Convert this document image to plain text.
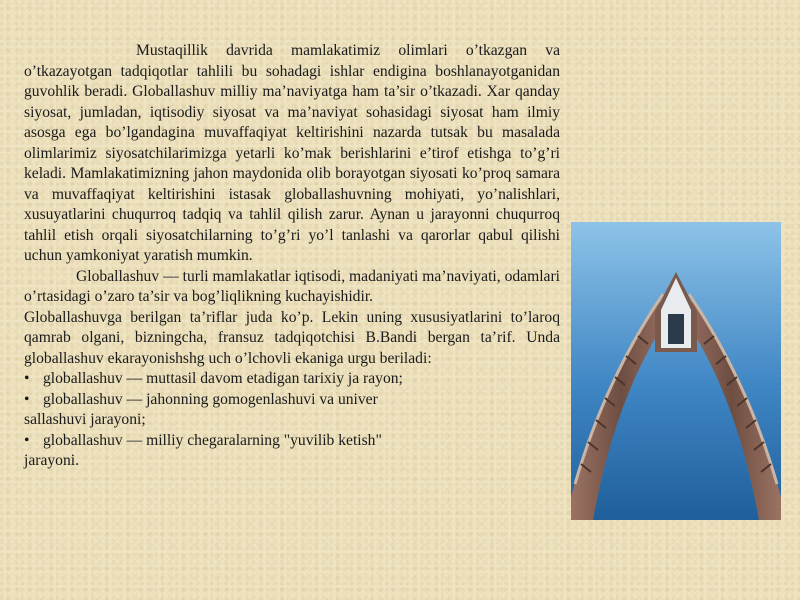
Mustaqillik davrida mamlakatimiz olimlari o’tkazgan va o’tkazayotgan tadqiqotlar tahlili bu sohadagi ishlar endigina boshlanayotganidan guvohlik beradi. Globallashuv milliy ma’naviyatga ham ta’sir o’tkazadi. Xar qanday siyosat, jumladan, iqtisodiy siyosat va ma’naviyat sohasidagi siyosat ham ilmiy asosga ega bo’lgandagina muvaffaqiyat keltirishini nazarda tutsak bu masalada olimlarimiz siyosatchilarimizga yetarli ko’mak berishlarini e’tirof etishga to’g’ri keladi. Mamlakatimizning jahon maydonida olib borayotgan siyosati ko’proq samara va muvaffaqiyat keltirishini istasak globallashuvning mohiyati, yo’nalishlari, xusuyatlarini chuqurroq tadqiq va tahlil qilish zarur. Aynan u jarayonni chuqurroq tahlil etish orqali siyosatchilarning to’g’ri yo’l tanlashi va qarorlar qabul qilishi uchun yamkoniyat yaratish mumkin.

Globallashuv — turli mamlakatlar iqtisodi, madaniyati ma’naviyati, odamlari o’rtasidagi o’zaro ta’sir va bog’liqlikning kuchayishidir.

Globallashuvga berilgan ta’riflar juda ko’p. Lekin uning xususiyatlarini to’laroq qamrab olgani, bizningcha, fransuz tadqiqotchisi B.Bandi bergan ta’rif. Unda globallashuv ekarayonishshg uch o’lchovli ekaniga urgu beriladi:

• globallashuv — muttasil davom etadigan tarixiy ja rayon;
• globallashuv — jahonning gomogenlashuvi va univer sallashuvi jarayoni;
• globallashuv — milliy chegaralarning "yuvilib ketish" jarayoni.
